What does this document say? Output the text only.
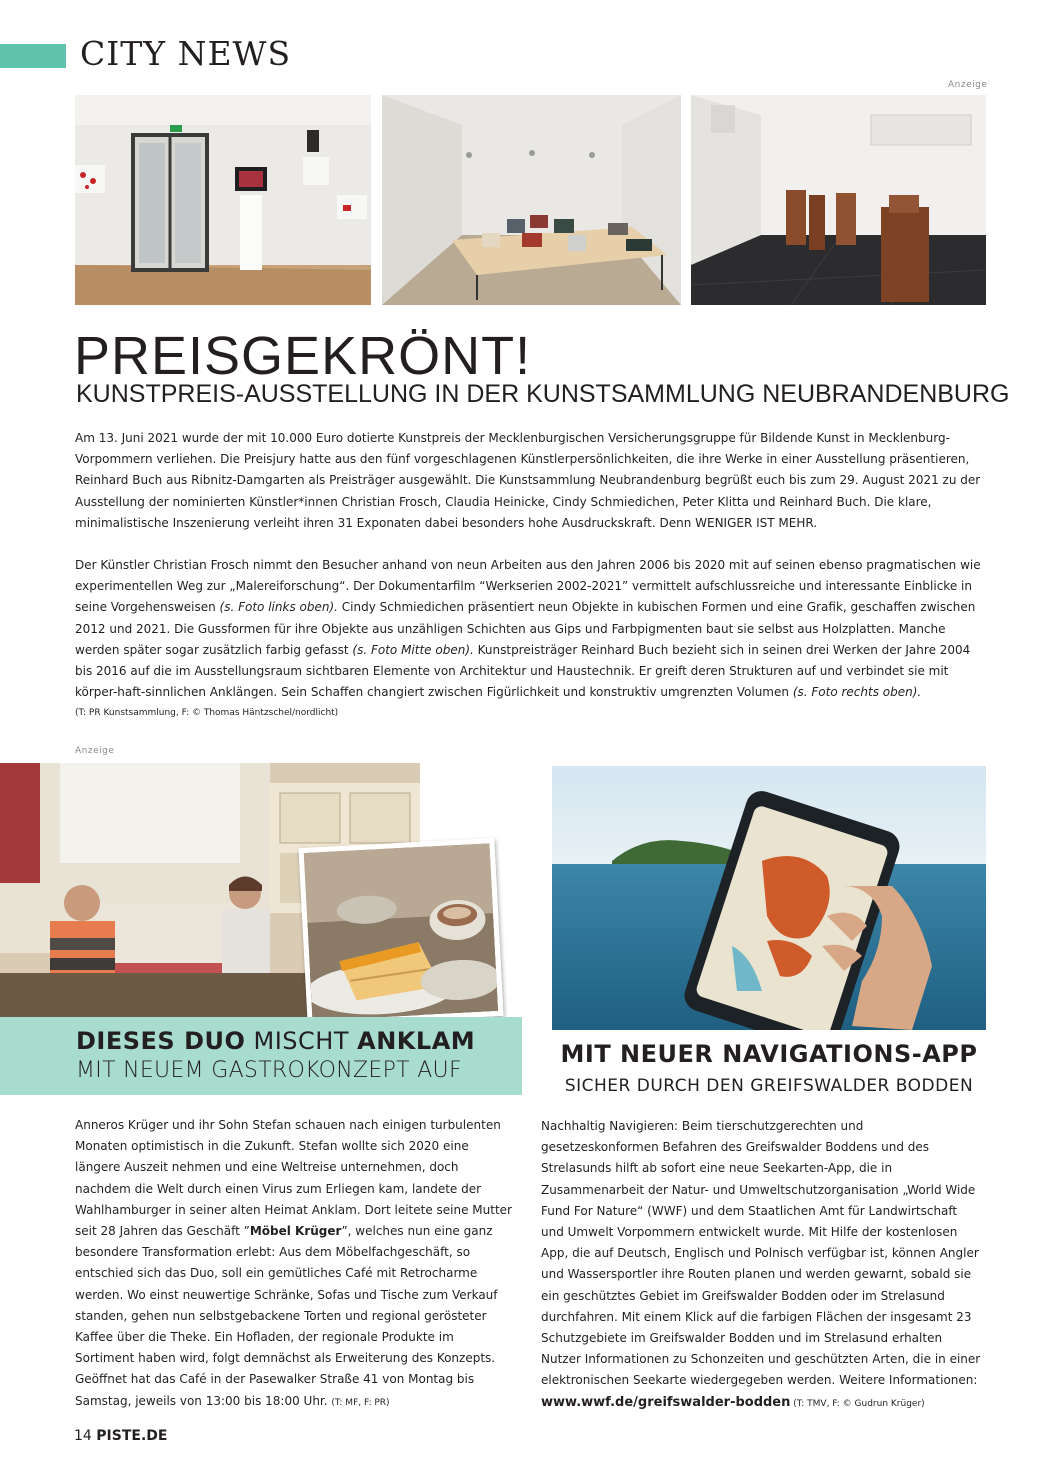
CITY NEWS
Anzeige
PREISGEKRÖNT!
KUNSTPREIS-AUSSTELLUNG IN DER KUNSTSAMMLUNG NEUBRANDENBURG

Am 13. Juni 2021 wurde der mit 10.000 Euro dotierte Kunstpreis der Mecklenburgischen Versicherungsgruppe für Bildende Kunst in Mecklenburg-Vorpommern verliehen. Die Preisjury hatte aus den fünf vorgeschlagenen Künstlerpersönlichkeiten, die ihre Werke in einer Ausstellung präsentieren, Reinhard Buch aus Ribnitz-Damgarten als Preisträger ausgewählt. Die Kunstsammlung Neubrandenburg begrüßt euch bis zum 29. August 2021 zu der Ausstellung der nominierten Künstler*innen Christian Frosch, Claudia Heinicke, Cindy Schmiedichen, Peter Klitta und Reinhard Buch. Die klare, minimalistische Inszenierung verleiht ihren 31 Exponaten dabei besonders hohe Ausdruckskraft. Denn WENIGER IST MEHR.

Der Künstler Christian Frosch nimmt den Besucher anhand von neun Arbeiten aus den Jahren 2006 bis 2020 mit auf seinen ebenso pragmatischen wie experimentellen Weg zur „Malereiforschung“. Der Dokumentarfilm “Werkserien 2002-2021” vermittelt aufschlussreiche und interessante Einblicke in seine Vorgehensweisen (s. Foto links oben). Cindy Schmiedichen präsentiert neun Objekte in kubischen Formen und eine Grafik, geschaffen zwischen 2012 und 2021. Die Gussformen für ihre Objekte aus unzähligen Schichten aus Gips und Farbpigmenten baut sie selbst aus Holzplatten. Manche werden später sogar zusätzlich farbig gefasst (s. Foto Mitte oben). Kunstpreisträger Reinhard Buch bezieht sich in seinen drei Werken der Jahre 2004 bis 2016 auf die im Ausstellungsraum sichtbaren Elemente von Architektur und Haustechnik. Er greift deren Strukturen auf und verbindet sie mit körper-haft-sinnlichen Anklängen. Sein Schaffen changiert zwischen Figürlichkeit und konstruktiv umgrenzten Volumen (s. Foto rechts oben).

(T: PR Kunstsammlung, F: © Thomas Häntzschel/nordlicht)
Anzeige
DIESES DUO MISCHT ANKLAM
MIT NEUEM GASTROKONZEPT AUF
Anneros Krüger und ihr Sohn Stefan schauen nach einigen turbulenten Monaten optimistisch in die Zukunft. Stefan wollte sich 2020 eine längere Auszeit nehmen und eine Weltreise unternehmen, doch nachdem die Welt durch einen Virus zum Erliegen kam, landete der Wahlhamburger in seiner alten Heimat Anklam. Dort leitete seine Mutter seit 28 Jahren das Geschäft ”Möbel Krüger”, welches nun eine ganz besondere Transformation erlebt: Aus dem Möbelfachgeschäft, so entschied sich das Duo, soll ein gemütliches Café mit Retrocharme werden. Wo einst neuwertige Schränke, Sofas und Tische zum Verkauf standen, gehen nun selbstgebackene Torten und regional gerösteter Kaffee über die Theke. Ein Hofladen, der regionale Produkte im Sortiment haben wird, folgt demnächst als Erweiterung des Konzepts. Geöffnet hat das Café in der Pasewalker Straße 41 von Montag bis Samstag, jeweils von 13:00 bis 18:00 Uhr. (T: MF, F: PR)
MIT NEUER NAVIGATIONS-APP
SICHER DURCH DEN GREIFSWALDER BODDEN
Nachhaltig Navigieren: Beim tierschutzgerechten und gesetzeskonformen Befahren des Greifswalder Boddens und des Strelasunds hilft ab sofort eine neue Seekarten-App, die in Zusammenarbeit der Natur- und Umweltschutzorganisation „World Wide Fund For Nature“ (WWF) und dem Staatlichen Amt für Landwirtschaft und Umwelt Vorpommern entwickelt wurde. Mit Hilfe der kostenlosen App, die auf Deutsch, Englisch und Polnisch verfügbar ist, können Angler und Wassersportler ihre Routen planen und werden gewarnt, sobald sie ein geschütztes Gebiet im Greifswalder Bodden oder im Strelasund durchfahren. Mit einem Klick auf die farbigen Flächen der insgesamt 23 Schutzgebiete im Greifswalder Bodden und im Strelasund erhalten Nutzer Informationen zu Schonzeiten und geschützten Arten, die in einer elektronischen Seekarte wiedergegeben werden. Weitere Informationen: www.wwf.de/greifswalder-bodden (T: TMV, F: © Gudrun Krüger)
14 PISTE.DE
